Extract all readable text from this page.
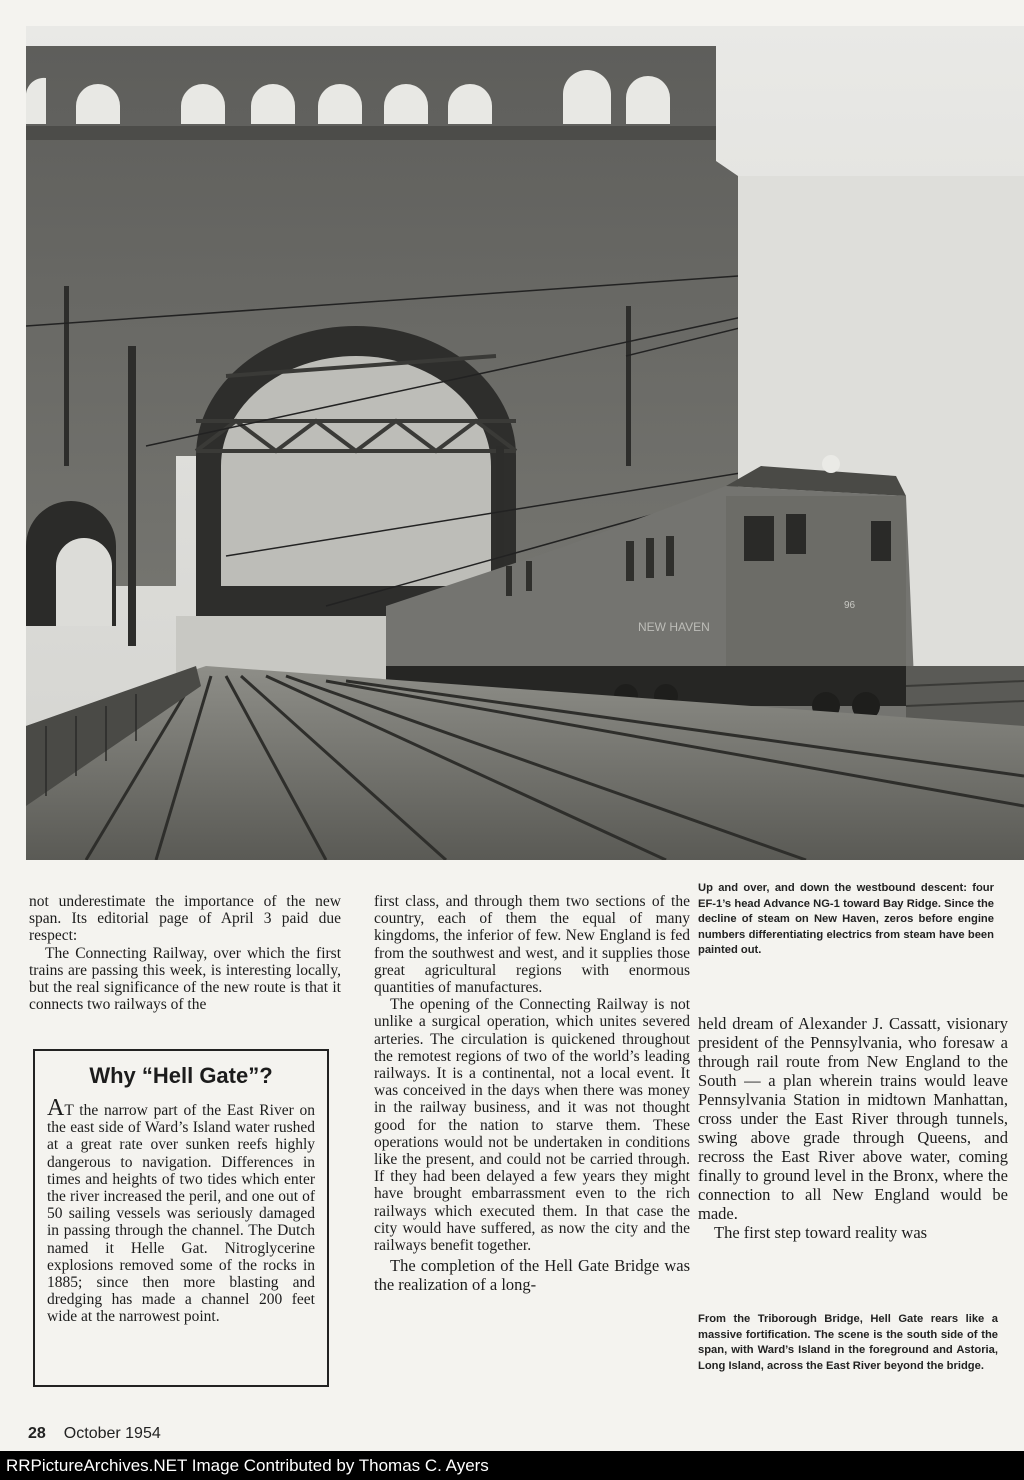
NEW HAVEN
96

not underestimate the importance of the new span. Its editorial page of April 3 paid due respect:

The Connecting Railway, over which the first trains are passing this week, is interesting locally, but the real significance of the new route is that it connects two railways of the

Why “Hell Gate”?
AT the narrow part of the East River on the east side of Ward’s Island water rushed at a great rate over sunken reefs highly dangerous to navigation. Differences in times and heights of two tides which enter the river increased the peril, and one out of 50 sailing vessels was seriously damaged in passing through the channel. The Dutch named it Helle Gat. Nitroglycerine explosions removed some of the rocks in 1885; since then more blasting and dredging has made a channel 200 feet wide at the narrowest point.

first class, and through them two sections of the country, each of them the equal of many kingdoms, the inferior of few. New England is fed from the southwest and west, and it supplies those great agricultural regions with enormous quantities of manufactures.

The opening of the Connecting Railway is not unlike a surgical operation, which unites severed arteries. The circulation is quickened throughout the remotest regions of two of the world’s leading railways. It is a continental, not a local event. It was conceived in the days when there was money in the railway business, and it was not thought good for the nation to starve them. These operations would not be undertaken in conditions like the present, and could not be carried through. If they had been delayed a few years they might have brought embarrassment even to the rich railways which executed them. In that case the city would have suffered, as now the city and the railways benefit together.

The completion of the Hell Gate Bridge was the realization of a long-

Up and over, and down the westbound descent: four EF-1’s head Advance NG-1 toward Bay Ridge. Since the decline of steam on New Haven, zeros before engine numbers differentiating electrics from steam have been painted out.

held dream of Alexander J. Cassatt, visionary president of the Pennsylvania, who foresaw a through rail route from New England to the South — a plan wherein trains would leave Pennsylvania Station in midtown Manhattan, cross under the East River through tunnels, swing above grade through Queens, and recross the East River above water, coming finally to ground level in the Bronx, where the connection to all New England would be made.

The first step toward reality was

From the Triborough Bridge, Hell Gate rears like a massive fortification. The scene is the south side of the span, with Ward’s Island in the foreground and Astoria, Long Island, across the East River beyond the bridge.
28 October 1954
RRPictureArchives.NET Image Contributed by Thomas C. Ayers
